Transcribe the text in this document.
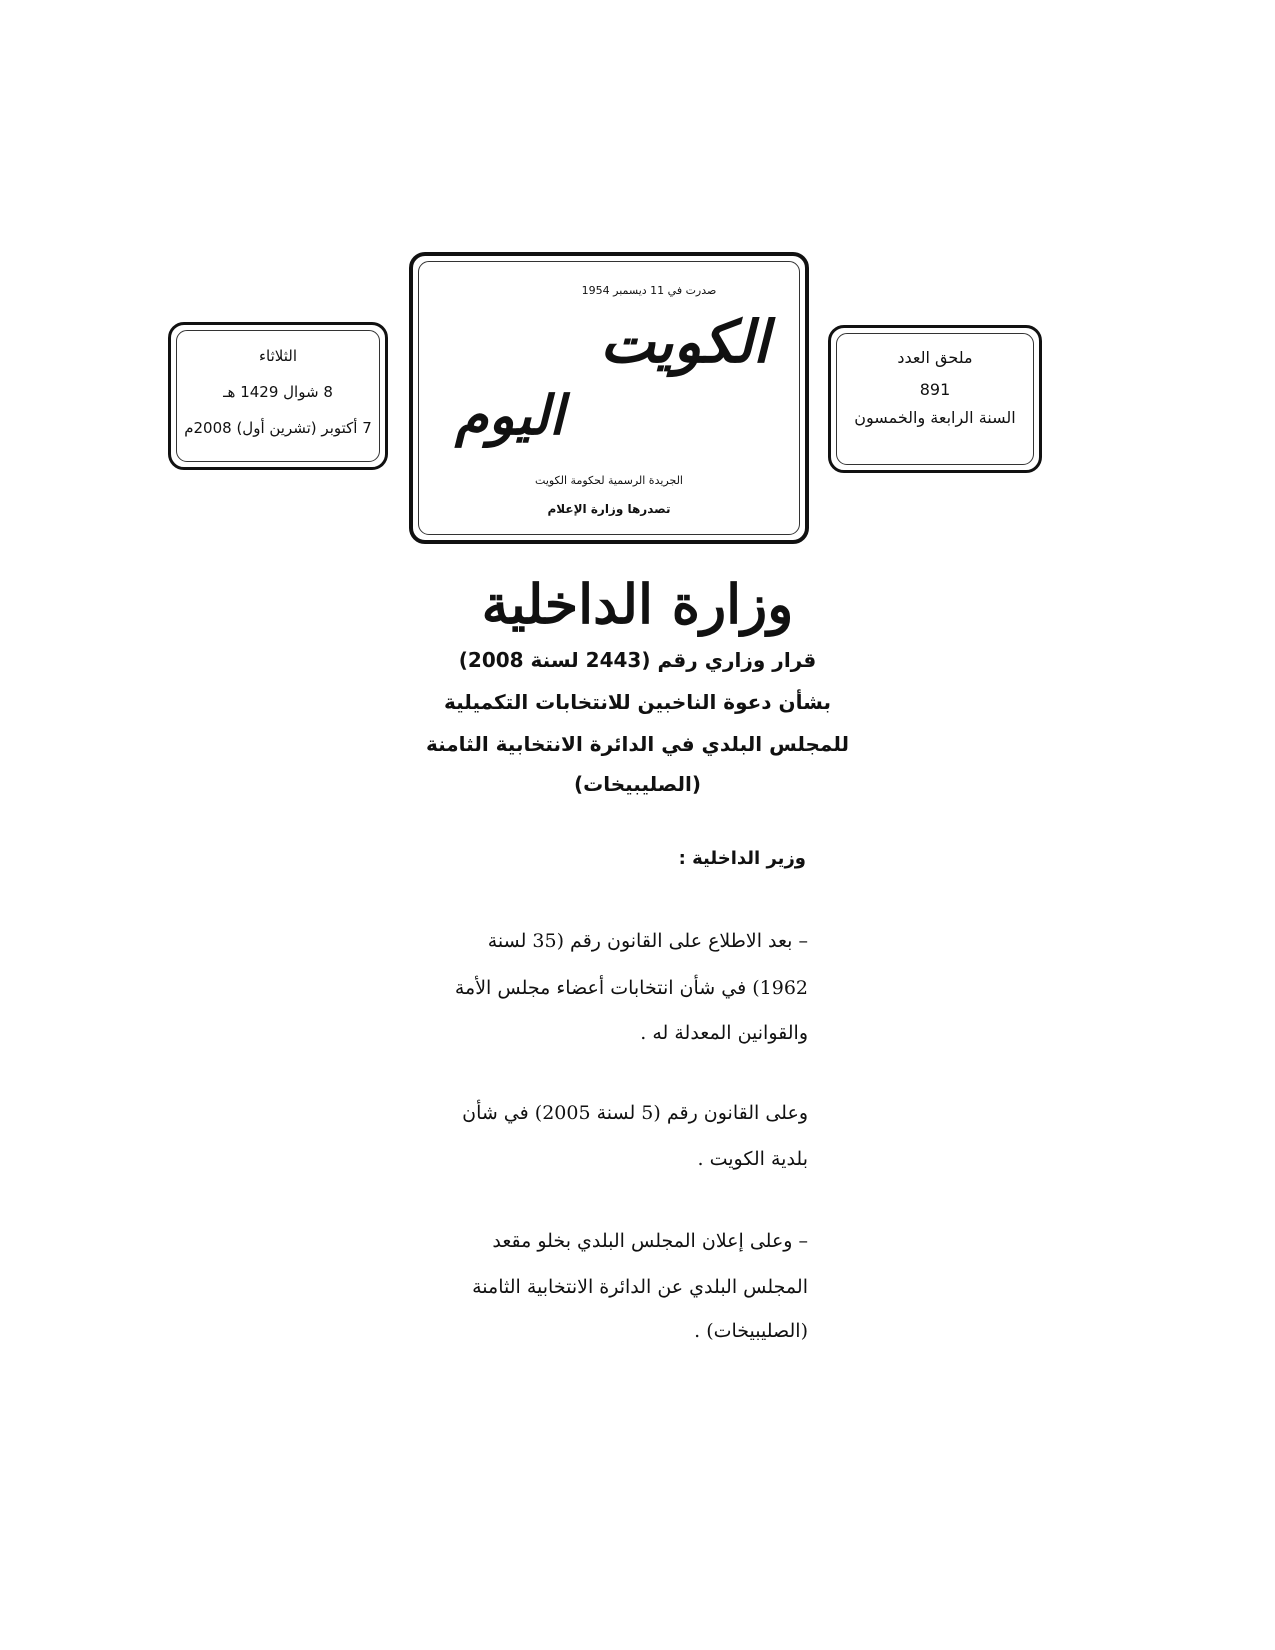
الثلاثاء
8 شوال 1429 هـ
7 أكتوبر (تشرين أول) 2008م
صدرت في 11 ديسمبر 1954
الكويت
اليوم
الجريدة الرسمية لحكومة الكويت
تصدرها وزارة الإعلام
ملحق العدد
891
السنة الرابعة والخمسون
وزارة الداخلية
قرار وزاري رقم (2443 لسنة 2008)
بشأن دعوة الناخبين للانتخابات التكميلية
للمجلس البلدي في الدائرة الانتخابية الثامنة
(الصليبيخات)
وزير الداخلية :
– بعد الاطلاع على القانون رقم (35 لسنة
1962) في شأن انتخابات أعضاء مجلس الأمة
والقوانين المعدلة له .
وعلى القانون رقم (5 لسنة 2005) في شأن
بلدية الكويت .
– وعلى إعلان المجلس البلدي بخلو مقعد
المجلس البلدي عن الدائرة الانتخابية الثامنة
(الصليبيخات) .
